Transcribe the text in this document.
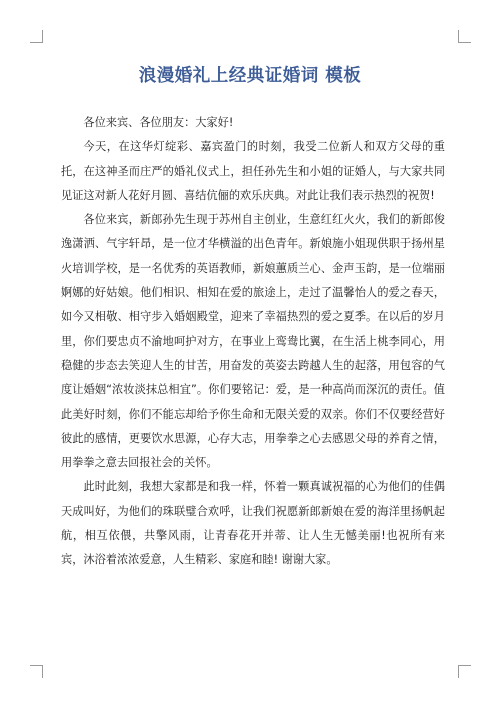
浪漫婚礼上经典证婚词 模板

各位来宾、各位朋友：大家好!

今天，在这华灯绽彩、嘉宾盈门的时刻，我受二位新人和双方父母的重托，在这神圣而庄严的婚礼仪式上，担任孙先生和小姐的证婚人，与大家共同见证这对新人花好月圆、喜结伉俪的欢乐庆典。对此让我们表示热烈的祝贺!

各位来宾，新郎孙先生现于苏州自主创业，生意红红火火，我们的新郎俊逸潇洒、气宇轩昂，是一位才华横溢的出色青年。新娘施小姐现供职于扬州星火培训学校，是一名优秀的英语教师，新娘蕙质兰心、金声玉韵，是一位端丽婀娜的好姑娘。他们相识、相知在爱的旅途上，走过了温馨怡人的爱之春天，如今又相敬、相守步入婚姻殿堂，迎来了幸福热烈的爱之夏季。在以后的岁月里，你们要忠贞不渝地呵护对方，在事业上鸾鸯比翼，在生活上桃李同心，用稳健的步态去笑迎人生的甘苦，用奋发的英姿去跨越人生的起落，用包容的气度让婚姻“浓妆淡抹总相宜”。你们要铭记：爱，是一种高尚而深沉的责任。值此美好时刻，你们不能忘却给予你生命和无限关爱的双亲。你们不仅要经营好彼此的感情，更要饮水思源，心存大志，用拳拳之心去感恩父母的养育之情，用拳拳之意去回报社会的关怀。

此时此刻，我想大家都是和我一样，怀着一颗真诚祝福的心为他们的佳偶天成叫好，为他们的珠联璧合欢呼，让我们祝愿新郎新娘在爱的海洋里扬帆起航，相互依偎，共擎风雨，让青春花开并蒂、让人生无憾美丽!也祝所有来宾，沐浴着浓浓爱意，人生精彩、家庭和睦! 谢谢大家。
